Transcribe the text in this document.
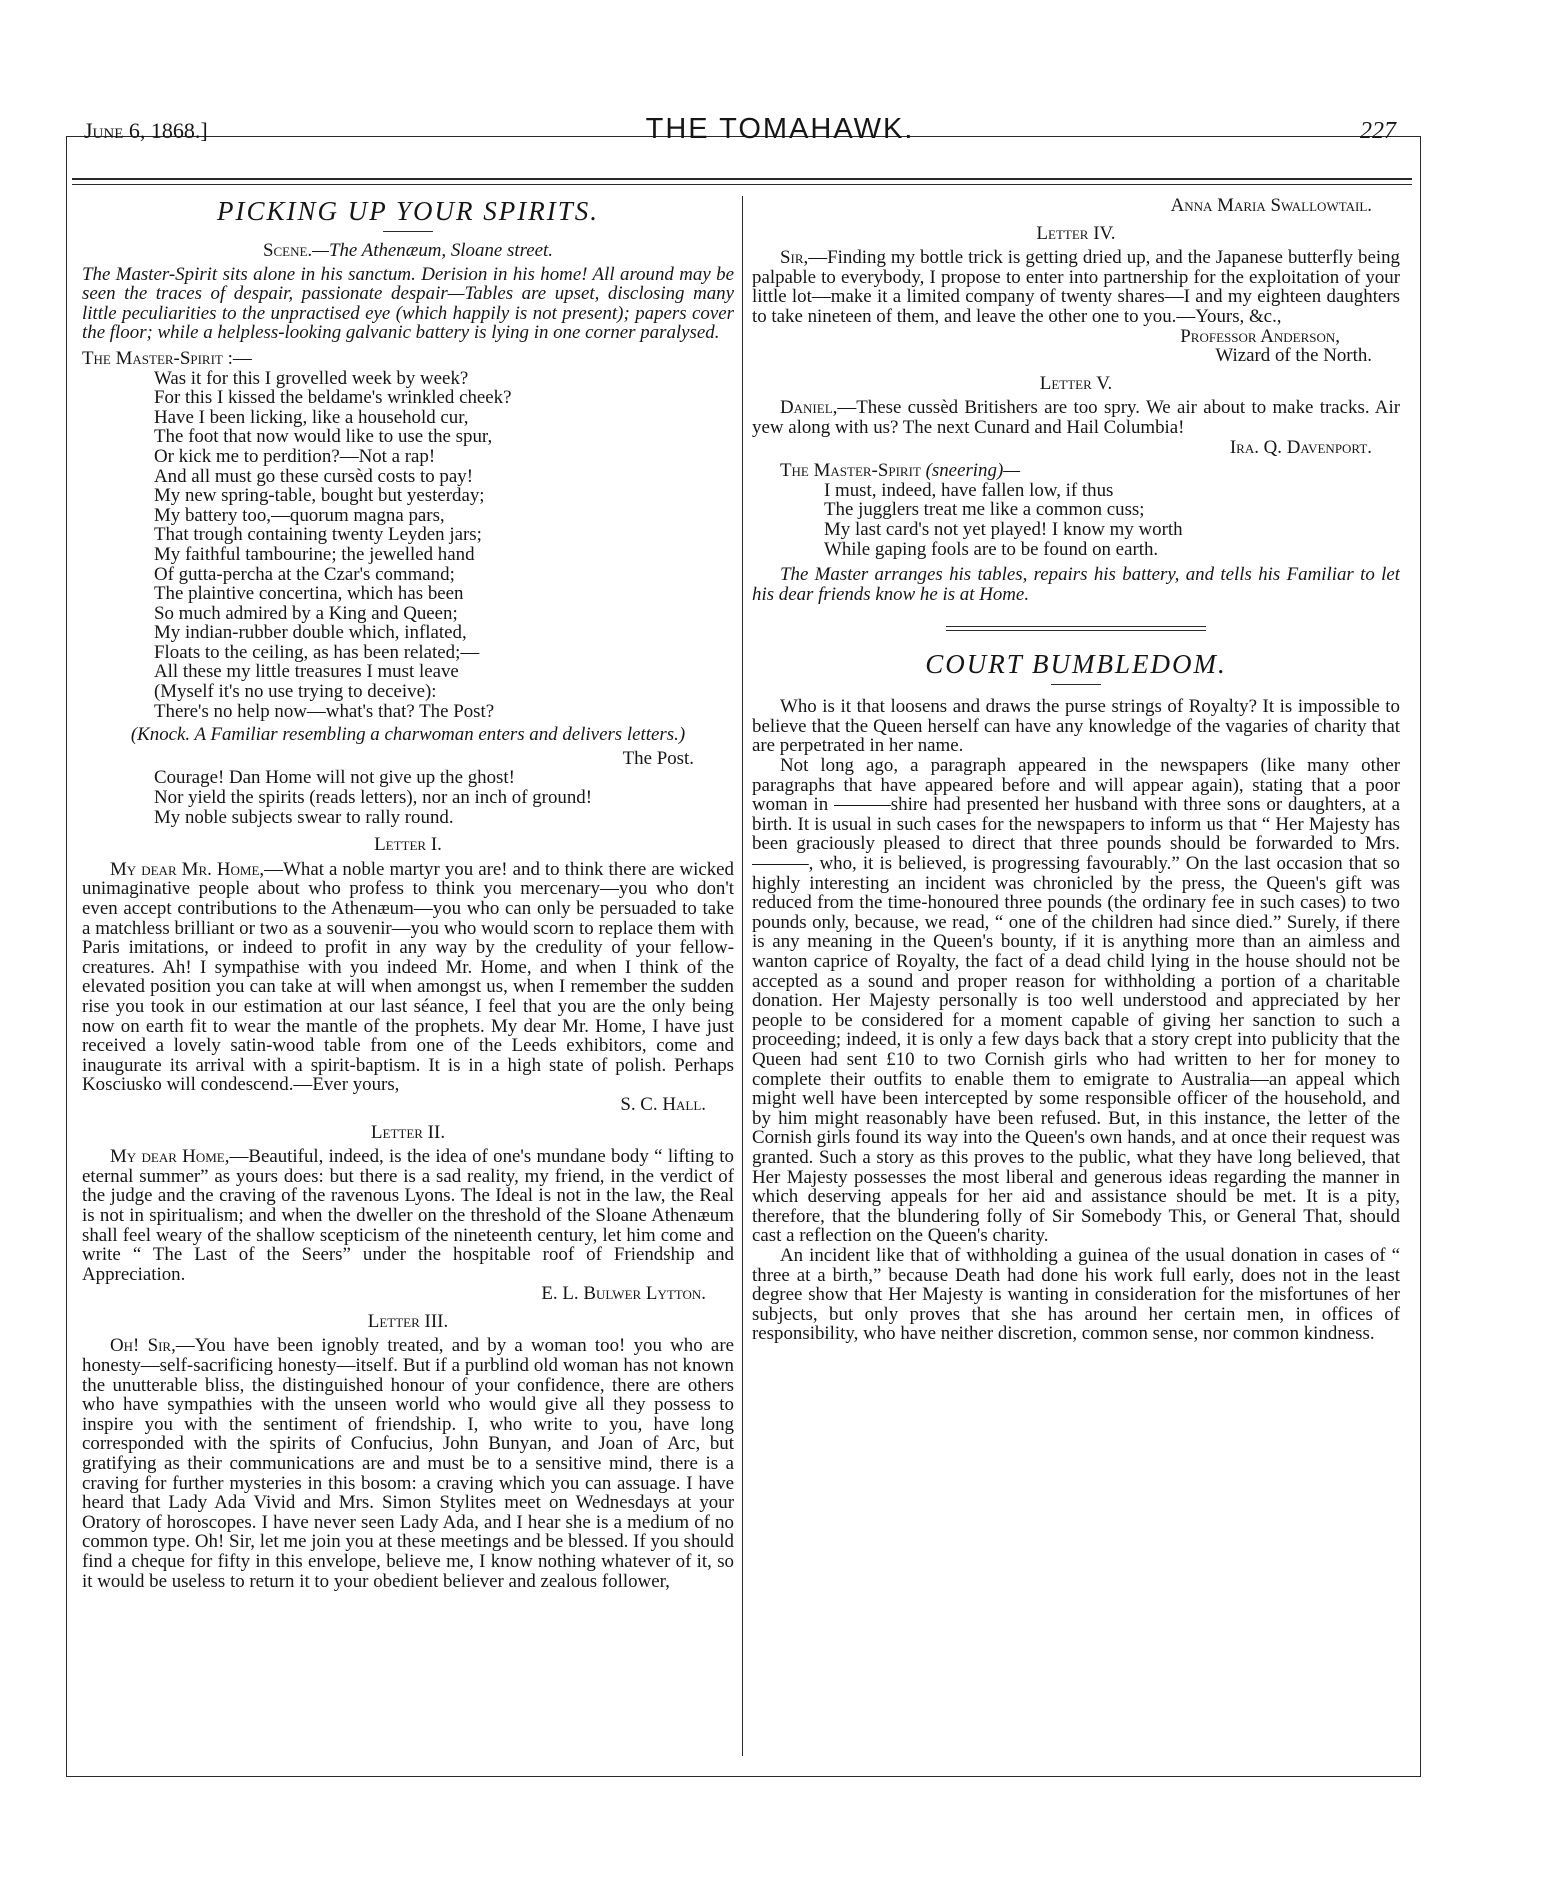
June 6, 1868.]	THE TOMAHAWK.	227

PICKING UP YOUR SPIRITS.

Scene.—The Athenæum, Sloane street.

The Master-Spirit sits alone in his sanctum. Derision in his home! All around may be seen the traces of despair, passionate despair—Tables are upset, disclosing many little peculiarities to the unpractised eye (which happily is not present); papers cover the floor; while a helpless-looking galvanic battery is lying in one corner paralysed.

The Master-Spirit :—

Was it for this I grovelled week by week?

For this I kissed the beldame's wrinkled cheek?

Have I been licking, like a household cur,

The foot that now would like to use the spur,

Or kick me to perdition?—Not a rap!

And all must go these cursèd costs to pay!

My new spring-table, bought but yesterday;

My battery too,—quorum magna pars,

That trough containing twenty Leyden jars;

My faithful tambourine; the jewelled hand

Of gutta-percha at the Czar's command;

The plaintive concertina, which has been

So much admired by a King and Queen;

My indian-rubber double which, inflated,

Floats to the ceiling, as has been related;—

All these my little treasures I must leave

(Myself it's no use trying to deceive):

There's no help now—what's that? The Post?

(Knock. A Familiar resembling a charwoman enters and delivers letters.)

The Post.

Courage! Dan Home will not give up the ghost!

Nor yield the spirits (reads letters), nor an inch of ground!

My noble subjects swear to rally round.

Letter I.

My dear Mr. Home,—What a noble martyr you are! and to think there are wicked unimaginative people about who profess to think you mercenary—you who don't even accept contributions to the Athenæum—you who can only be persuaded to take a matchless brilliant or two as a souvenir—you who would scorn to replace them with Paris imitations, or indeed to profit in any way by the credulity of your fellow-creatures. Ah! I sympathise with you indeed Mr. Home, and when I think of the elevated position you can take at will when amongst us, when I remember the sudden rise you took in our estimation at our last séance, I feel that you are the only being now on earth fit to wear the mantle of the prophets. My dear Mr. Home, I have just received a lovely satin-wood table from one of the Leeds exhibitors, come and inaugurate its arrival with a spirit-baptism. It is in a high state of polish. Perhaps Kosciusko will condescend.—Ever yours,

S. C. Hall.

Letter II.

My dear Home,—Beautiful, indeed, is the idea of one's mundane body “ lifting to eternal summer” as yours does: but there is a sad reality, my friend, in the verdict of the judge and the craving of the ravenous Lyons. The Ideal is not in the law, the Real is not in spiritualism; and when the dweller on the threshold of the Sloane Athenæum shall feel weary of the shallow scepticism of the nineteenth century, let him come and write “ The Last of the Seers” under the hospitable roof of Friendship and Appreciation.

E. L. Bulwer Lytton.

Letter III.

Oh! Sir,—You have been ignobly treated, and by a woman too! you who are honesty—self-sacrificing honesty—itself. But if a purblind old woman has not known the unutterable bliss, the distinguished honour of your confidence, there are others who have sympathies with the unseen world who would give all they possess to inspire you with the sentiment of friendship. I, who write to you, have long corresponded with the spirits of Confucius, John Bunyan, and Joan of Arc, but gratifying as their communications are and must be to a sensitive mind, there is a craving for further mysteries in this bosom: a craving which you can assuage. I have heard that Lady Ada Vivid and Mrs. Simon Stylites meet on Wednesdays at your Oratory of horoscopes. I have never seen Lady Ada, and I hear she is a medium of no common type. Oh! Sir, let me join you at these meetings and be blessed. If you should find a cheque for fifty in this envelope, believe me, I know nothing whatever of it, so it would be useless to return it to your obedient believer and zealous follower,

Anna Maria Swallowtail.

Letter IV.

Sir,—Finding my bottle trick is getting dried up, and the Japanese butterfly being palpable to everybody, I propose to enter into partnership for the exploitation of your little lot—make it a limited company of twenty shares—I and my eighteen daughters to take nineteen of them, and leave the other one to you.—Yours, &c.,

Professor Anderson,

Wizard of the North.

Letter V.

Daniel,—These cussèd Britishers are too spry. We air about to make tracks. Air yew along with us? The next Cunard and Hail Columbia!

Ira. Q. Davenport.

The Master-Spirit (sneering)—

I must, indeed, have fallen low, if thus

The jugglers treat me like a common cuss;

My last card's not yet played! I know my worth

While gaping fools are to be found on earth.

The Master arranges his tables, repairs his battery, and tells his Familiar to let his dear friends know he is at Home.

COURT BUMBLEDOM.

Who is it that loosens and draws the purse strings of Royalty? It is impossible to believe that the Queen herself can have any knowledge of the vagaries of charity that are perpetrated in her name.

Not long ago, a paragraph appeared in the newspapers (like many other paragraphs that have appeared before and will appear again), stating that a poor woman in ———shire had presented her husband with three sons or daughters, at a birth. It is usual in such cases for the newspapers to inform us that “ Her Majesty has been graciously pleased to direct that three pounds should be forwarded to Mrs. ———, who, it is believed, is progressing favourably.” On the last occasion that so highly interesting an incident was chronicled by the press, the Queen's gift was reduced from the time-honoured three pounds (the ordinary fee in such cases) to two pounds only, because, we read, “ one of the children had since died.” Surely, if there is any meaning in the Queen's bounty, if it is anything more than an aimless and wanton caprice of Royalty, the fact of a dead child lying in the house should not be accepted as a sound and proper reason for withholding a portion of a charitable donation. Her Majesty personally is too well understood and appreciated by her people to be considered for a moment capable of giving her sanction to such a proceeding; indeed, it is only a few days back that a story crept into publicity that the Queen had sent £10 to two Cornish girls who had written to her for money to complete their outfits to enable them to emigrate to Australia—an appeal which might well have been intercepted by some responsible officer of the household, and by him might reasonably have been refused. But, in this instance, the letter of the Cornish girls found its way into the Queen's own hands, and at once their request was granted. Such a story as this proves to the public, what they have long believed, that Her Majesty possesses the most liberal and generous ideas regarding the manner in which deserving appeals for her aid and assistance should be met. It is a pity, therefore, that the blundering folly of Sir Somebody This, or General That, should cast a reflection on the Queen's charity.

An incident like that of withholding a guinea of the usual donation in cases of “ three at a birth,” because Death had done his work full early, does not in the least degree show that Her Majesty is wanting in consideration for the misfortunes of her subjects, but only proves that she has around her certain men, in offices of responsibility, who have neither discretion, common sense, nor common kindness.
